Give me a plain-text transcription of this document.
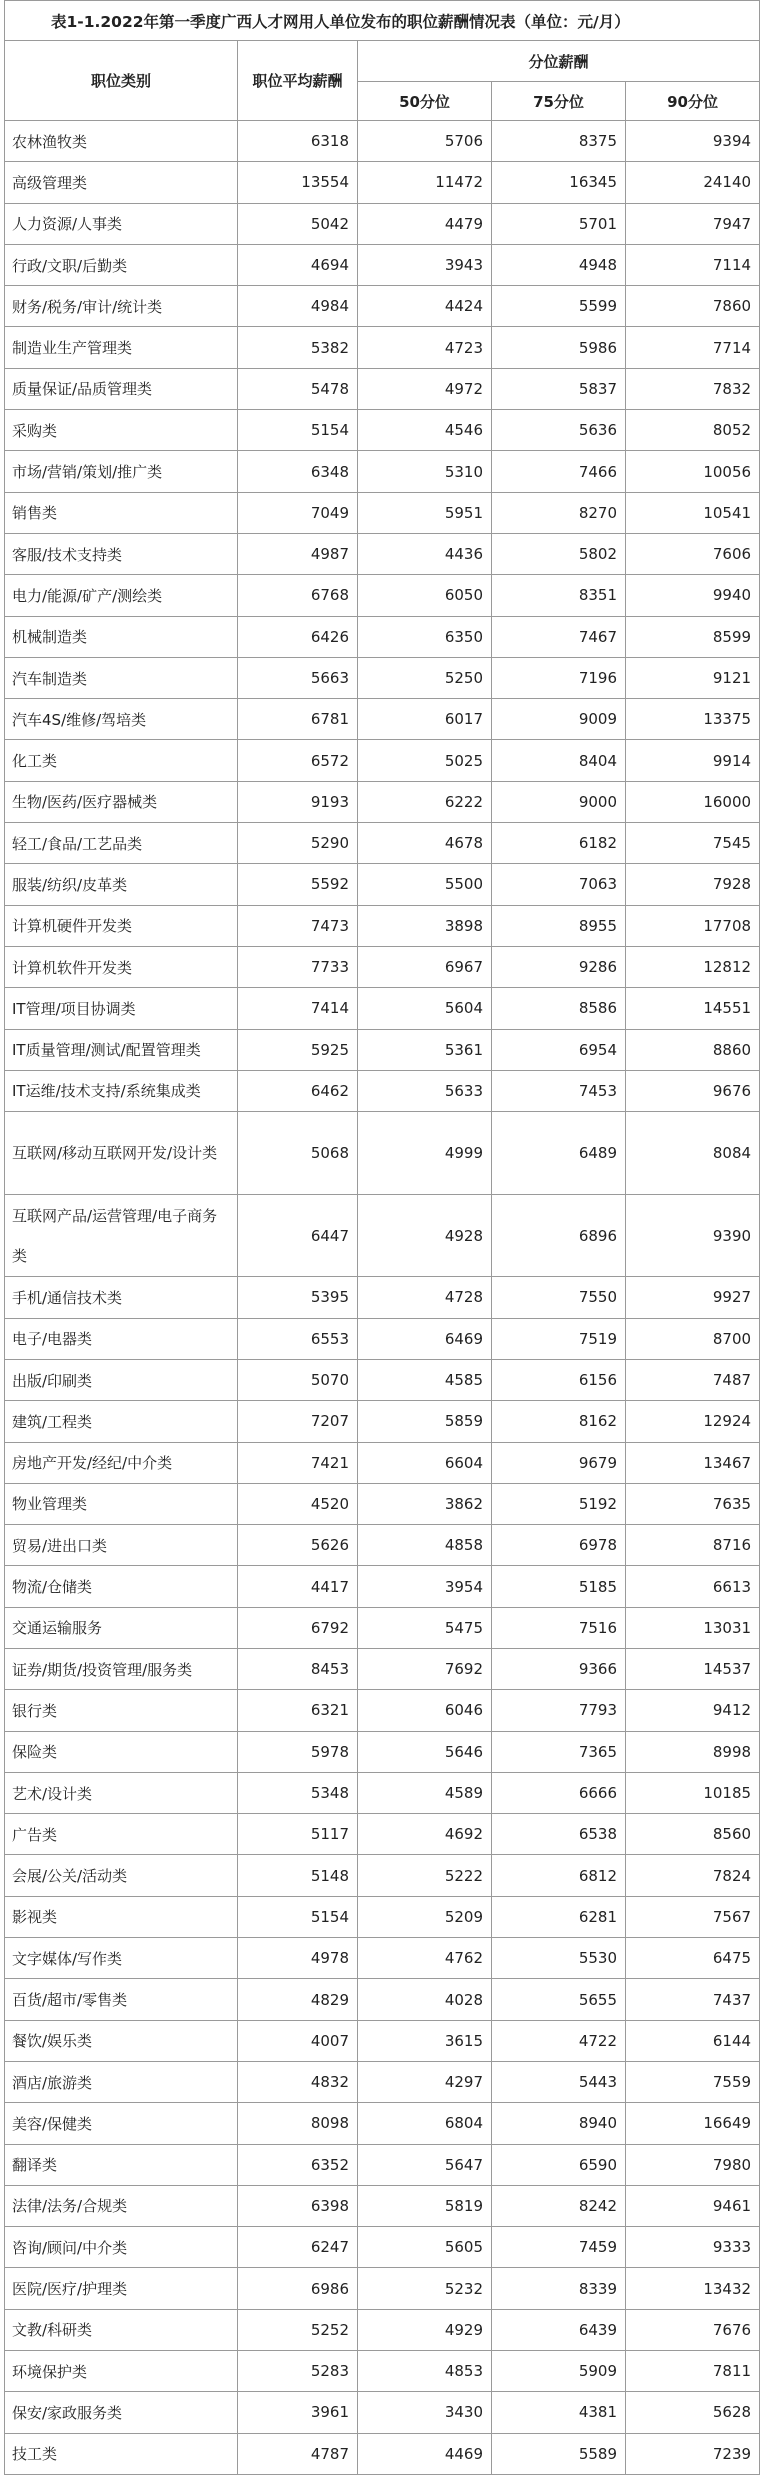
表1-1.2022年第一季度广西人才网用人单位发布的职位薪酬情况表（单位：元/月）				
职位类别	职位平均薪酬	分位薪酬		
		50分位	75分位	90分位
农林渔牧类	6318	5706	8375	9394
高级管理类	13554	11472	16345	24140
人力资源/人事类	5042	4479	5701	7947
行政/文职/后勤类	4694	3943	4948	7114
财务/税务/审计/统计类	4984	4424	5599	7860
制造业生产管理类	5382	4723	5986	7714
质量保证/品质管理类	5478	4972	5837	7832
采购类	5154	4546	5636	8052
市场/营销/策划/推广类	6348	5310	7466	10056
销售类	7049	5951	8270	10541
客服/技术支持类	4987	4436	5802	7606
电力/能源/矿产/测绘类	6768	6050	8351	9940
机械制造类	6426	6350	7467	8599
汽车制造类	5663	5250	7196	9121
汽车4S/维修/驾培类	6781	6017	9009	13375
化工类	6572	5025	8404	9914
生物/医药/医疗器械类	9193	6222	9000	16000
轻工/食品/工艺品类	5290	4678	6182	7545
服装/纺织/皮革类	5592	5500	7063	7928
计算机硬件开发类	7473	3898	8955	17708
计算机软件开发类	7733	6967	9286	12812
IT管理/项目协调类	7414	5604	8586	14551
IT质量管理/测试/配置管理类	5925	5361	6954	8860
IT运维/技术支持/系统集成类	6462	5633	7453	9676
互联网/移动互联网开发/设计类	5068	4999	6489	8084
互联网产品/运营管理/电子商务类	6447	4928	6896	9390
手机/通信技术类	5395	4728	7550	9927
电子/电器类	6553	6469	7519	8700
出版/印刷类	5070	4585	6156	7487
建筑/工程类	7207	5859	8162	12924
房地产开发/经纪/中介类	7421	6604	9679	13467
物业管理类	4520	3862	5192	7635
贸易/进出口类	5626	4858	6978	8716
物流/仓储类	4417	3954	5185	6613
交通运输服务	6792	5475	7516	13031
证券/期货/投资管理/服务类	8453	7692	9366	14537
银行类	6321	6046	7793	9412
保险类	5978	5646	7365	8998
艺术/设计类	5348	4589	6666	10185
广告类	5117	4692	6538	8560
会展/公关/活动类	5148	5222	6812	7824
影视类	5154	5209	6281	7567
文字媒体/写作类	4978	4762	5530	6475
百货/超市/零售类	4829	4028	5655	7437
餐饮/娱乐类	4007	3615	4722	6144
酒店/旅游类	4832	4297	5443	7559
美容/保健类	8098	6804	8940	16649
翻译类	6352	5647	6590	7980
法律/法务/合规类	6398	5819	8242	9461
咨询/顾问/中介类	6247	5605	7459	9333
医院/医疗/护理类	6986	5232	8339	13432
文教/科研类	5252	4929	6439	7676
环境保护类	5283	4853	5909	7811
保安/家政服务类	3961	3430	4381	5628
技工类	4787	4469	5589	7239
